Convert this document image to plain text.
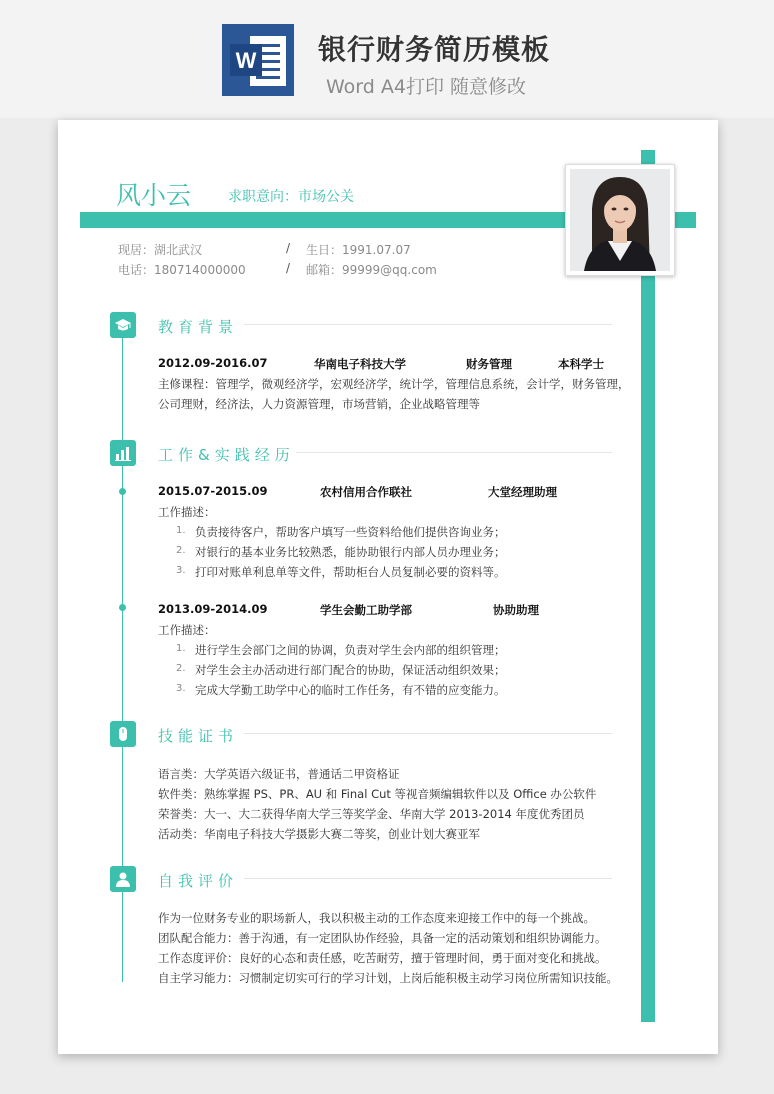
W 银行财务简历模板
Word A4打印 随意修改
风小云	求职意向：市场公关
现居：湖北武汉	/ 生日：1991.07.07
电话：180714000000	/ 邮箱：99999@qq.com
教育背景
2012.09-2016.07	华南电子科技大学	财务管理	本科学士
主修课程：管理学，微观经济学，宏观经济学，统计学，管理信息系统，会计学，财务管理，
公司理财，经济法，人力资源管理，市场营销，企业战略管理等
工作&实践经历
2015.07-2015.09	农村信用合作联社	大堂经理助理
工作描述：
1. 负责接待客户，帮助客户填写一些资料给他们提供咨询业务；
2. 对银行的基本业务比较熟悉，能协助银行内部人员办理业务；
3. 打印对账单利息单等文件，帮助柜台人员复制必要的资料等。
2013.09-2014.09	学生会勤工助学部	协助助理
工作描述：
1. 进行学生会部门之间的协调，负责对学生会内部的组织管理；
2. 对学生会主办活动进行部门配合的协助，保证活动组织效果；
3. 完成大学勤工助学中心的临时工作任务，有不错的应变能力。
技能证书
语言类：大学英语六级证书，普通话二甲资格证
软件类：熟练掌握 PS、PR、AU 和 Final Cut 等视音频编辑软件以及 Office 办公软件
荣誉类：大一、大二获得华南大学三等奖学金、华南大学 2013-2014 年度优秀团员
活动类：华南电子科技大学摄影大赛二等奖，创业计划大赛亚军
自我评价
作为一位财务专业的职场新人，我以积极主动的工作态度来迎接工作中的每一个挑战。
团队配合能力：善于沟通，有一定团队协作经验，具备一定的活动策划和组织协调能力。
工作态度评价：良好的心态和责任感，吃苦耐劳，擅于管理时间，勇于面对变化和挑战。
自主学习能力：习惯制定切实可行的学习计划，上岗后能积极主动学习岗位所需知识技能。
